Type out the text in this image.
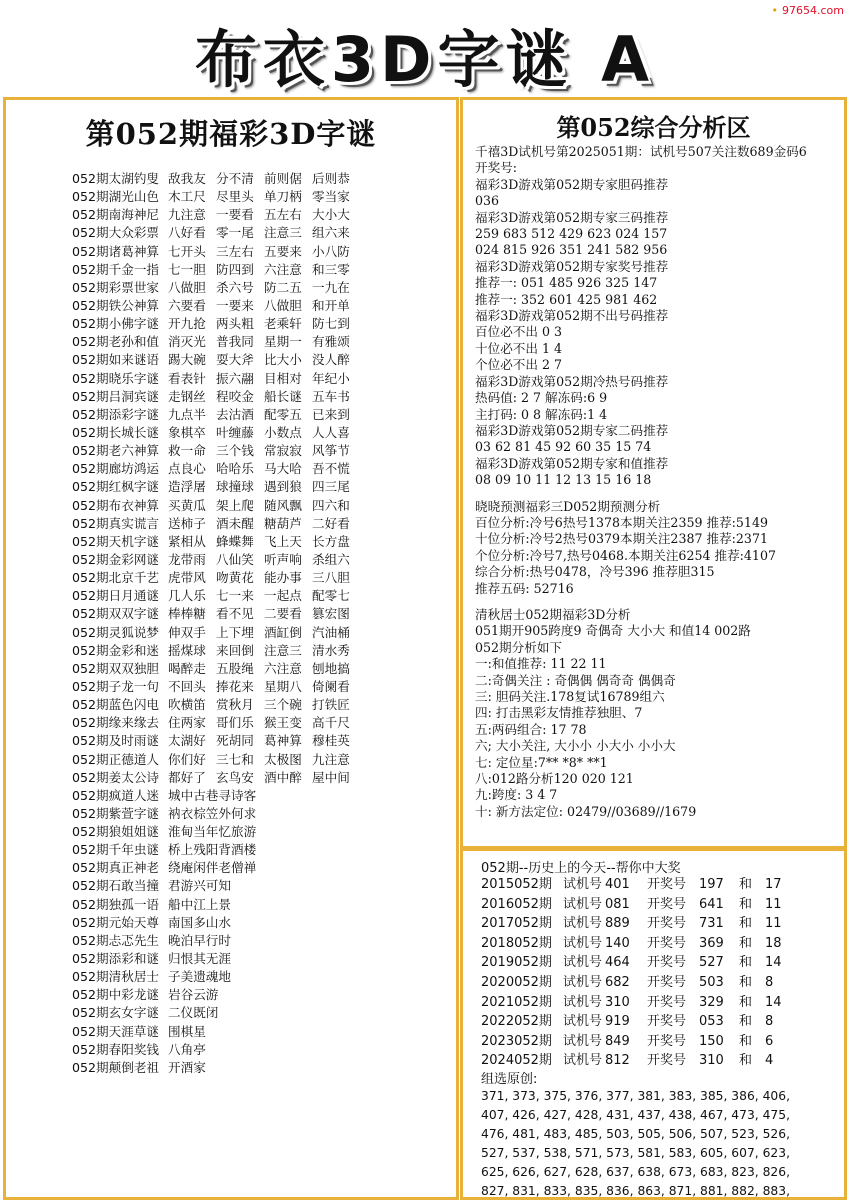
• 97654.com
布衣3D字谜 A
第052期福彩3D字谜
052期太湖钓叟 敌我友 分不清 前则倨 后则恭
052期湖光山色 木工尺 尽里头 单刀柄 零当家
052期南海神尼 九注意 一要看 五左右 大小大
052期大众彩票 八好看 零一尾 注意三 组六来
052期诸葛神算 七开头 三左右 五要来 小八防
052期千金一指 七一胆 防四到 六注意 和三零
052期彩票世家 八做胆 杀六号 防二五 一九在
052期铁公神算 六要看 一要来 八做胆 和开单
052期小佛字谜 开九抢 两头粗 老乘轩 防七到
052期老孙和值 消灭光 普我同 星期一 有雅颂
052期如来谜语 踢大碗 耍大斧 比大小 没人醉
052期晓乐字谜 看表针 振六翮 目相对 年纪小
052期吕洞宾谜 走钢丝 程咬金 船长谜 五车书
052期添彩字谜 九点半 去沽酒 配零五 已来到
052期长城长谜 象棋卒 叶缠藤 小数点 人人喜
052期老六神算 救一命 三个钱 常寂寂 风筝节
052期廊坊鸿运 点良心 哈哈乐 马大哈 吾不慌
052期红枫字谜 造浮屠 球撞球 遇到狼 四三尾
052期布衣神算 买黄瓜 架上爬 随风飘 四六和
052期真实谎言 送柿子 酒未醒 糖葫芦 二好看
052期天机字谜 紧相从 蜂蝶舞 飞上天 长方盘
052期金彩网谜 龙带雨 八仙笑 听声响 杀组六
052期北京千艺 虎带风 吻黄花 能办事 三八胆
052期日月通谜 几人乐 七一来 一起点 配零七
052期双双字谜 棒棒糖 看不见 二要看 篡宏图
052期灵狐说梦 伸双手 上下埋 酒缸倒 汽油桶
052期金彩和迷 摇煤球 来回倒 注意三 清水秀
052期双双独胆 喝醉走 五股绳 六注意 刨地搞
052期子龙一句 不回头 捧花来 星期八 倚阑看
052期蓝色闪电 吹横笛 赏秋月 三个碗 打铁匠
052期缘来缘去 住两家 哥们乐 猴王变 高千尺
052期及时雨谜 太湖好 死胡同 葛神算 穆桂英
052期正德道人 你们好 三七和 太极图 九注意
052期姜太公诗 都好了 玄鸟安 酒中醉 屋中间
052期疯道人迷 城中古巷寻诗客
052期紫萱字谜 衲衣棕笠外何求
052期狼姐姐谜 淮甸当年忆旅游
052期千年虫谜 桥上残阳背酒楼
052期真正神老 绕庵闲伴老僧禅
052期石敢当撞 君游兴可知
052期独孤一语 船中江上景
052期元始天尊 南国多山水
052期忐忑先生 晚泊早行时
052期添彩和谜 归恨其无涯
052期清秋居士 子美遗魂地
052期中彩龙谜 岩谷云游
052期玄女字谜 二仪既闭
052期天涯草谜 围棋星
052期春阳奖钱 八角亭
052期颠倒老祖 开酒家
第052综合分析区
千禧3D试机号第2025051期：试机号507关注数689金码6
开奖号:
福彩3D游戏第052期专家胆码推荐
036
福彩3D游戏第052期专家三码推荐
259 683 512 429 623 024 157
024 815 926 351 241 582 956
福彩3D游戏第052期专家奖号推荐
推荐一: 051 485 926 325 147
推荐一: 352 601 425 981 462
福彩3D游戏第052期不出号码推荐
百位必不出 0 3
十位必不出 1 4
个位必不出 2 7
福彩3D游戏第052期冷热号码推荐
热码值: 2 7 解冻码:6 9
主打码: 0 8 解冻码:1 4
福彩3D游戏第052期专家二码推荐
03 62 81 45 92 60 35 15 74
福彩3D游戏第052期专家和值推荐
08 09 10 11 12 13 15 16 18
晓晓预测福彩三D052期预测分析
百位分析:冷号6热号1378本期关注2359 推荐:5149
十位分析:冷号2热号0379本期关注2387 推荐:2371
个位分析:冷号7,热号0468.本期关注6254 推荐:4107
综合分析:热号0478，冷号396 推荐胆315
推荐五码: 52716
清秋居士052期福彩3D分析
051期开905跨度9 奇偶奇 大小大 和值14 002路
052期分析如下
一:和值推荐: 11 22 11
二:奇偶关注 : 奇偶偶 偶奇奇 偶偶奇
三: 胆码关注.178复试16789组六
四: 打击黑彩友情推荐独胆、7
五:两码组合: 17 78
六; 大小关注, 大小小 小大小 小小大
七: 定位星:7** *8* **1
八:012路分析120 020 121
九:跨度: 3 4 7
十: 新方法定位: 02479//03689//1679
052期--历史上的今天--帮你中大奖
2015052期 试机号 401 开奖号 197 和 17
2016052期 试机号 081 开奖号 641 和 11
2017052期 试机号 889 开奖号 731 和 11
2018052期 试机号 140 开奖号 369 和 18
2019052期 试机号 464 开奖号 527 和 14
2020052期 试机号 682 开奖号 503 和 8
2021052期 试机号 310 开奖号 329 和 14
2022052期 试机号 919 开奖号 053 和 8
2023052期 试机号 849 开奖号 150 和 6
2024052期 试机号 812 开奖号 310 和 4
组选原创:
371, 373, 375, 376, 377, 381, 383, 385, 386, 406,
407, 426, 427, 428, 431, 437, 438, 467, 473, 475,
476, 481, 483, 485, 503, 505, 506, 507, 523, 526,
527, 537, 538, 571, 573, 581, 583, 605, 607, 623,
625, 626, 627, 628, 637, 638, 673, 683, 823, 826,
827, 831, 833, 835, 836, 863, 871, 881, 882, 883,
